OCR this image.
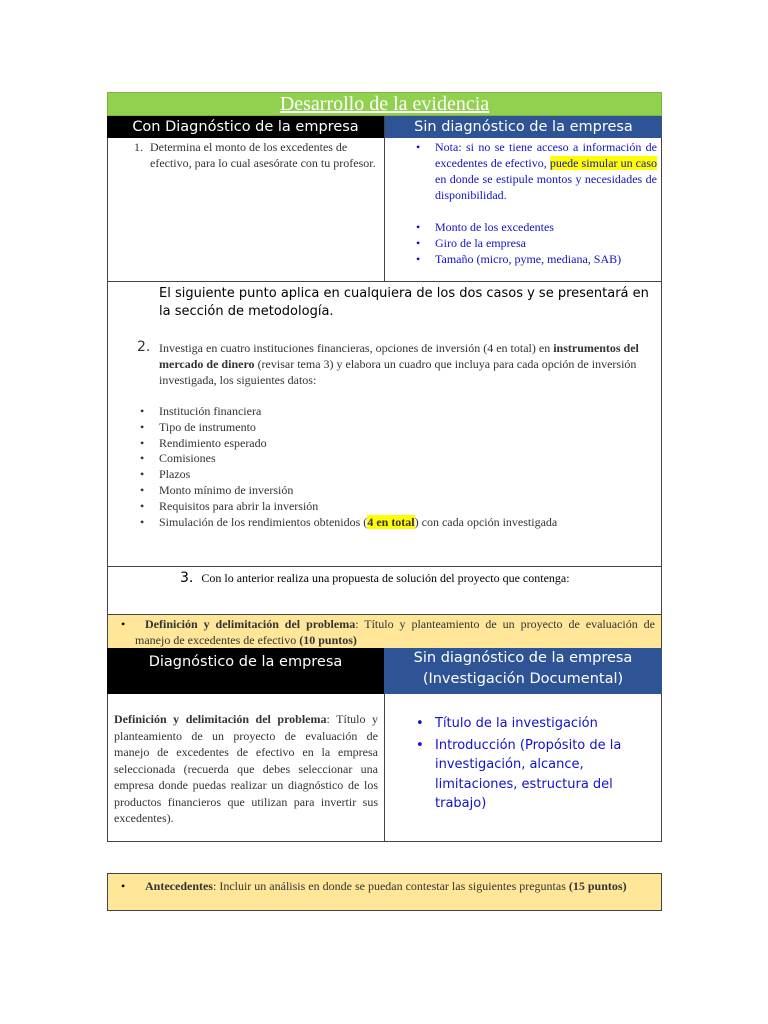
Desarrollo de la evidencia
Con Diagnóstico de la empresa	Sin diagnóstico de la empresa
1. Determina el monto de los excedentes de efectivo, para lo cual asesórate con tu profesor.
• Nota: si no se tiene acceso a información de excedentes de efectivo, puede simular un caso en donde se estipule montos y necesidades de disponibilidad.
• Monto de los excedentes
• Giro de la empresa
• Tamaño (micro, pyme, mediana, SAB)
El siguiente punto aplica en cualquiera de los dos casos y se presentará en la sección de metodología.
2. Investiga en cuatro instituciones financieras, opciones de inversión (4 en total) en instrumentos del mercado de dinero (revisar tema 3) y elabora un cuadro que incluya para cada opción de inversión investigada, los siguientes datos:
• Institución financiera
• Tipo de instrumento
• Rendimiento esperado
• Comisiones
• Plazos
• Monto mínimo de inversión
• Requisitos para abrir la inversión
• Simulación de los rendimientos obtenidos (4 en total) con cada opción investigada
3. Con lo anterior realiza una propuesta de solución del proyecto que contenga:
• Definición y delimitación del problema: Título y planteamiento de un proyecto de evaluación de manejo de excedentes de efectivo (10 puntos)
Diagnóstico de la empresa	Sin diagnóstico de la empresa
(Investigación Documental)
Definición y delimitación del problema: Título y planteamiento de un proyecto de evaluación de manejo de excedentes de efectivo en la empresa seleccionada (recuerda que debes seleccionar una empresa donde puedas realizar un diagnóstico de los productos financieros que utilizan para invertir sus excedentes).
• Título de la investigación
• Introducción (Propósito de la investigación, alcance, limitaciones, estructura del trabajo)
• Antecedentes: Incluir un análisis en donde se puedan contestar las siguientes preguntas (15 puntos)
